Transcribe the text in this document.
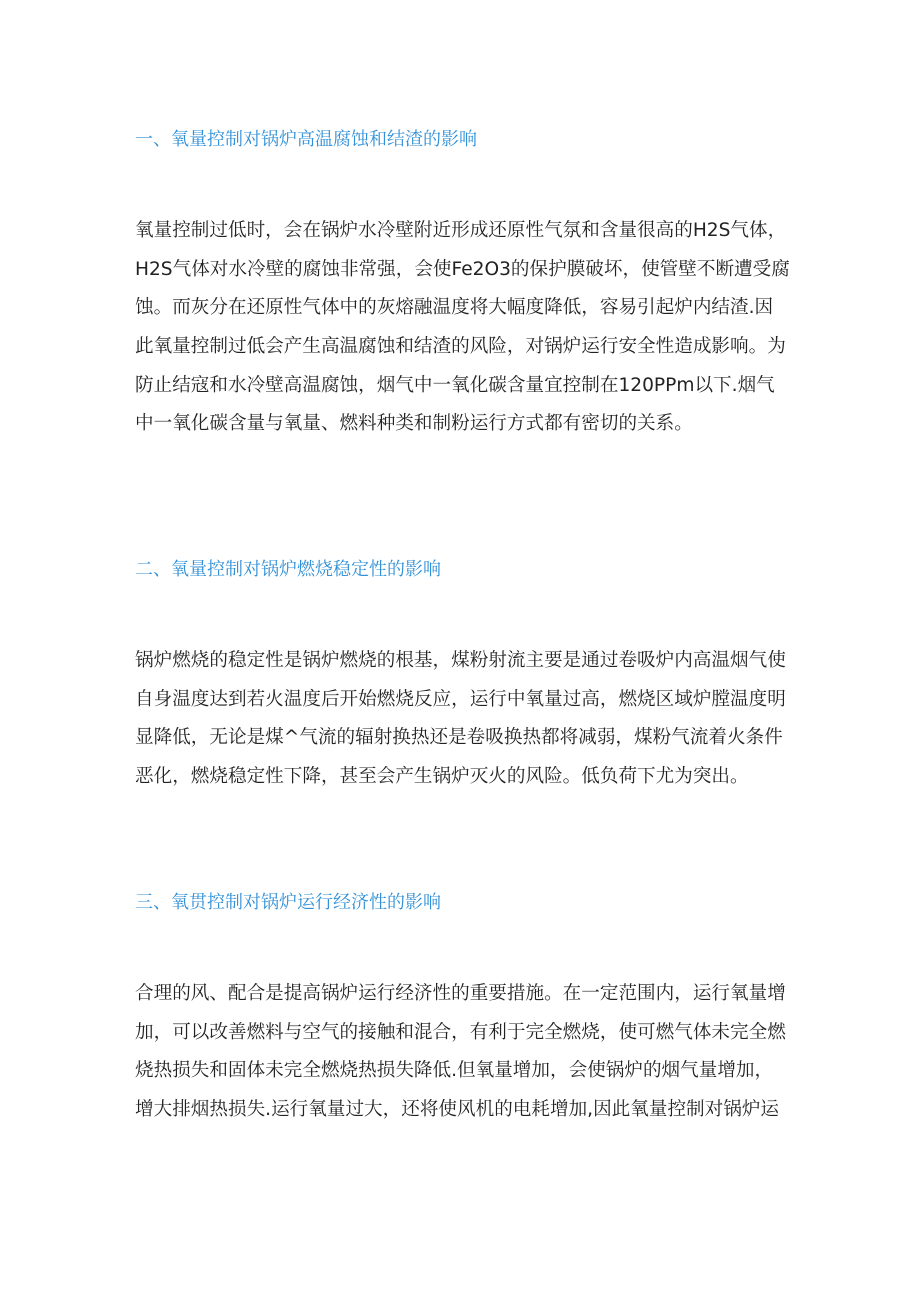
一、氧量控制对锅炉高温腐蚀和结渣的影响
氧量控制过低时，会在锅炉水冷壁附近形成还原性气氛和含量很高的H2S气体，
H2S气体对水冷壁的腐蚀非常强，会使Fe2O3的保护膜破坏，使管壁不断遭受腐
蚀。而灰分在还原性气体中的灰熔融温度将大幅度降低，容易引起炉内结渣.因
此氧量控制过低会产生高温腐蚀和结渣的风险，对锅炉运行安全性造成影响。为
防止结寇和水冷壁高温腐蚀，烟气中一氧化碳含量宜控制在120PPm以下.烟气
中一氧化碳含量与氧量、燃料种类和制粉运行方式都有密切的关系。
二、氧量控制对锅炉燃烧稳定性的影响
锅炉燃烧的稳定性是锅炉燃烧的根基，煤粉射流主要是通过卷吸炉内高温烟气使
自身温度达到若火温度后开始燃烧反应，运行中氧量过高，燃烧区域炉膛温度明
显降低，无论是煤^气流的辐射换热还是卷吸换热都将减弱，煤粉气流着火条件
恶化，燃烧稳定性下降，甚至会产生锅炉灭火的风险。低负荷下尤为突出。
三、氧贯控制对锅炉运行经济性的影响
合理的风、配合是提高锅炉运行经济性的重要措施。在一定范围内，运行氧量增
加，可以改善燃料与空气的接触和混合，有利于完全燃烧，使可燃气体未完全燃
烧热损失和固体未完全燃烧热损失降低.但氧量增加，会使锅炉的烟气量增加，
增大排烟热损失.运行氧量过大，还将使风机的电耗增加,因此氧量控制对锅炉运
